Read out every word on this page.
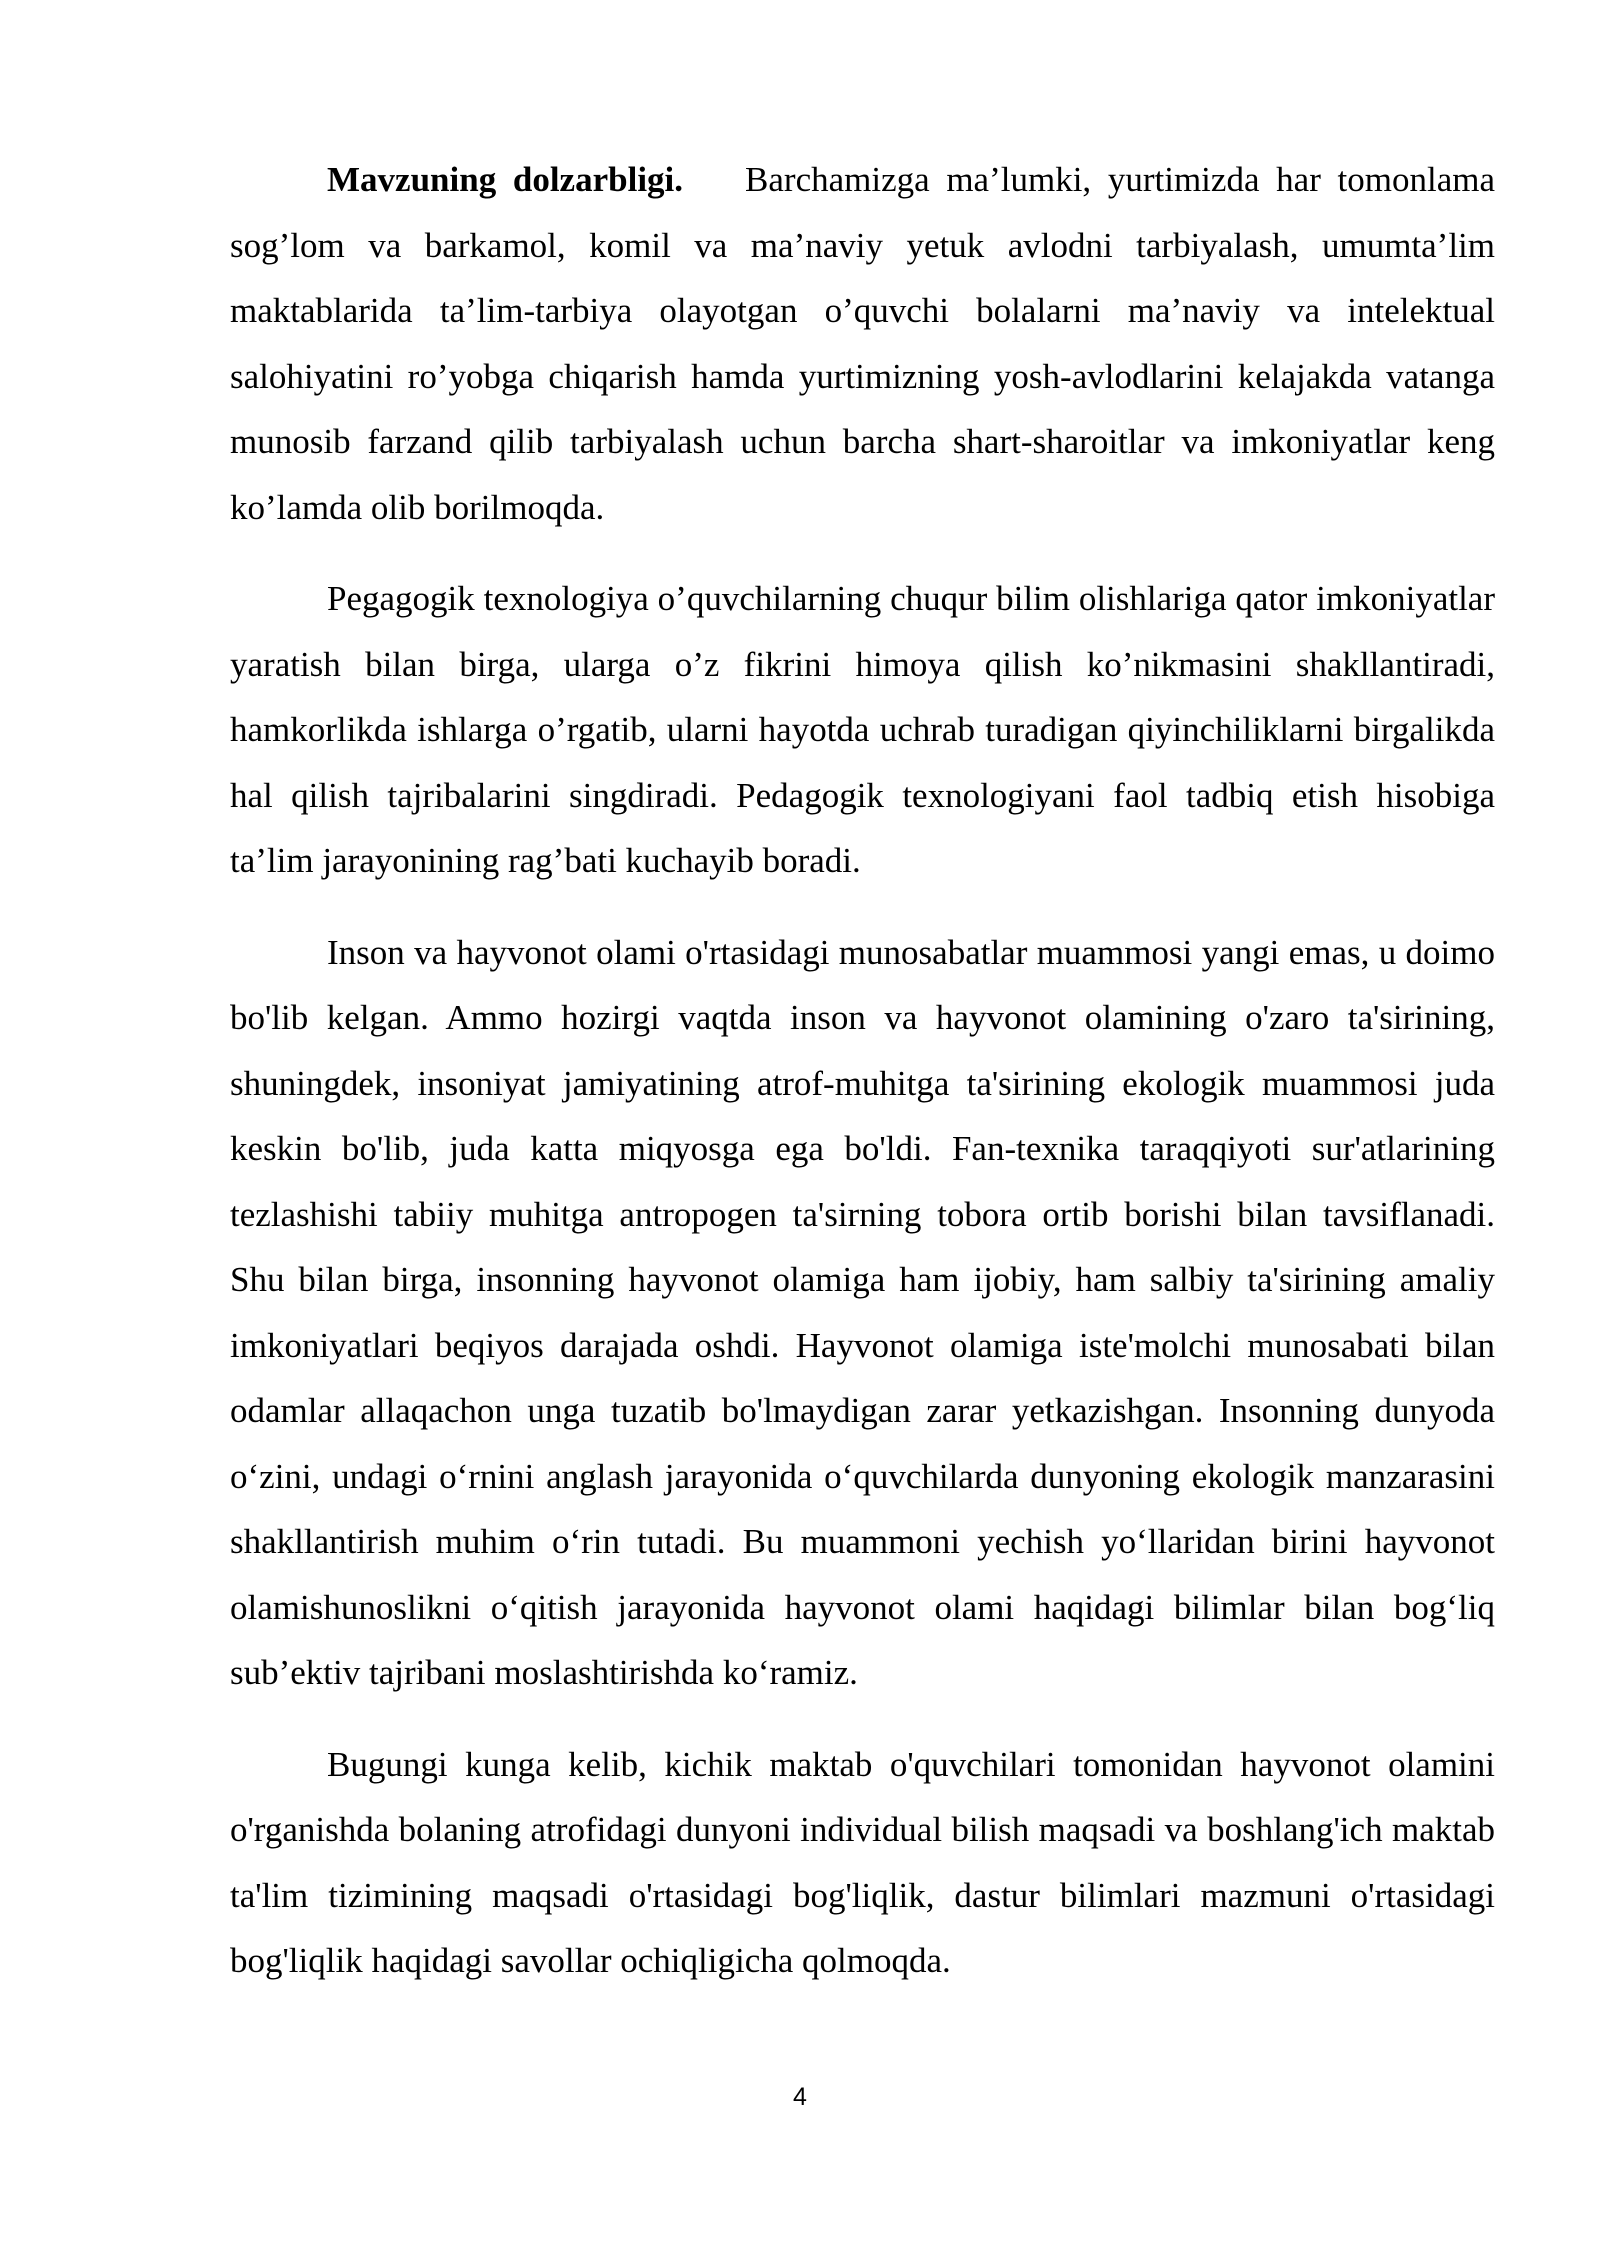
Mavzuning dolzarbligi. Barchamizga ma’lumki, yurtimizda har tomonlama sog’lom va barkamol, komil va ma’naviy yetuk avlodni tarbiyalash, umumta’lim maktablarida ta’lim-tarbiya olayotgan o’quvchi bolalarni ma’naviy va intelektual salohiyatini ro’yobga chiqarish hamda yurtimizning yosh-avlodlarini kelajakda vatanga munosib farzand qilib tarbiyalash uchun barcha shart-sharoitlar va imkoniyatlar keng ko’lamda olib borilmoqda.

Pegagogik texnologiya o’quvchilarning chuqur bilim olishlariga qator imkoniyatlar yaratish bilan birga, ularga o’z fikrini himoya qilish ko’nikmasini shakllantiradi, hamkorlikda ishlarga o’rgatib, ularni hayotda uchrab turadigan qiyinchiliklarni birgalikda hal qilish tajribalarini singdiradi. Pedagogik texnologiyani faol tadbiq etish hisobiga ta’lim jarayonining rag’bati kuchayib boradi.

Inson va hayvonot olami o'rtasidagi munosabatlar muammosi yangi emas, u doimo bo'lib kelgan. Ammo hozirgi vaqtda inson va hayvonot olamining o'zaro ta'sirining, shuningdek, insoniyat jamiyatining atrof-muhitga ta'sirining ekologik muammosi juda keskin bo'lib, juda katta miqyosga ega bo'ldi. Fan-texnika taraqqiyoti sur'atlarining tezlashishi tabiiy muhitga antropogen ta'sirning tobora ortib borishi bilan tavsiflanadi. Shu bilan birga, insonning hayvonot olamiga ham ijobiy, ham salbiy ta'sirining amaliy imkoniyatlari beqiyos darajada oshdi. Hayvonot olamiga iste'molchi munosabati bilan odamlar allaqachon unga tuzatib bo'lmaydigan zarar yetkazishgan. Insonning dunyoda o‘zini, undagi o‘rnini anglash jarayonida o‘quvchilarda dunyoning ekologik manzarasini shakllantirish muhim o‘rin tutadi. Bu muammoni yechish yo‘llaridan birini hayvonot olamishunoslikni o‘qitish jarayonida hayvonot olami haqidagi bilimlar bilan bog‘liq sub’ektiv tajribani moslashtirishda ko‘ramiz.

Bugungi kunga kelib, kichik maktab o'quvchilari tomonidan hayvonot olamini o'rganishda bolaning atrofidagi dunyoni individual bilish maqsadi va boshlang'ich maktab ta'lim tizimining maqsadi o'rtasidagi bog'liqlik, dastur bilimlari mazmuni o'rtasidagi bog'liqlik haqidagi savollar ochiqligicha qolmoqda.

4
